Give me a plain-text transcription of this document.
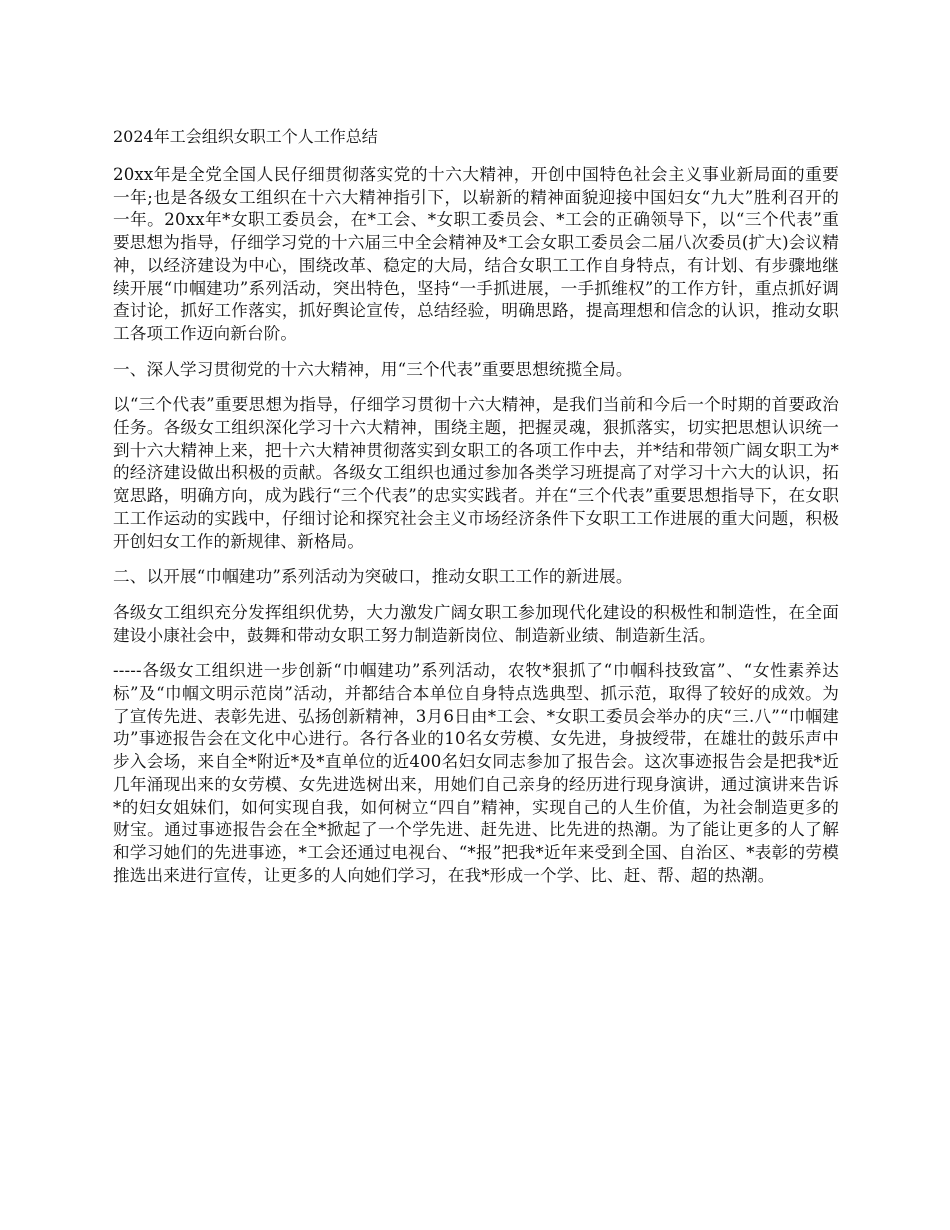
2024年工会组织女职工个人工作总结

20xx年是全党全国人民仔细贯彻落实党的十六大精神，开创中国特色社会主义事业新局面的重要一年;也是各级女工组织在十六大精神指引下，以崭新的精神面貌迎接中国妇女“九大”胜利召开的一年。20xx年*女职工委员会，在*工会、*女职工委员会、*工会的正确领导下，以“三个代表”重要思想为指导，仔细学习党的十六届三中全会精神及*工会女职工委员会二届八次委员(扩大)会议精神，以经济建设为中心，围绕改革、稳定的大局，结合女职工工作自身特点，有计划、有步骤地继续开展“巾帼建功”系列活动，突出特色，坚持“一手抓进展，一手抓维权”的工作方针，重点抓好调查讨论，抓好工作落实，抓好舆论宣传，总结经验，明确思路，提高理想和信念的认识，推动女职工各项工作迈向新台阶。

一、深人学习贯彻党的十六大精神，用“三个代表”重要思想统揽全局。

以“三个代表”重要思想为指导，仔细学习贯彻十六大精神，是我们当前和今后一个时期的首要政治任务。各级女工组织深化学习十六大精神，围绕主题，把握灵魂，狠抓落实，切实把思想认识统一到十六大精神上来，把十六大精神贯彻落实到女职工的各项工作中去，并*结和带领广阔女职工为*的经济建设做出积极的贡献。各级女工组织也通过参加各类学习班提高了对学习十六大的认识，拓宽思路，明确方向，成为践行“三个代表”的忠实实践者。并在“三个代表”重要思想指导下，在女职工工作运动的实践中，仔细讨论和探究社会主义市场经济条件下女职工工作进展的重大问题，积极开创妇女工作的新规律、新格局。

二、以开展“巾帼建功”系列活动为突破口，推动女职工工作的新进展。

各级女工组织充分发挥组织优势，大力激发广阔女职工参加现代化建设的积极性和制造性，在全面建设小康社会中，鼓舞和带动女职工努力制造新岗位、制造新业绩、制造新生活。

-----各级女工组织进一步创新“巾帼建功”系列活动，农牧*狠抓了“巾帼科技致富”、“女性素养达标”及“巾帼文明示范岗”活动，并都结合本单位自身特点选典型、抓示范，取得了较好的成效。为了宣传先进、表彰先进、弘扬创新精神，3月6日由*工会、*女职工委员会举办的庆“三.八”“巾帼建功”事迹报告会在文化中心进行。各行各业的10名女劳模、女先进，身披绶带，在雄壮的鼓乐声中步入会场，来自全*附近*及*直单位的近400名妇女同志参加了报告会。这次事迹报告会是把我*近几年涌现出来的女劳模、女先进选树出来，用她们自己亲身的经历进行现身演讲，通过演讲来告诉*的妇女姐妹们，如何实现自我，如何树立“四自”精神，实现自己的人生价值，为社会制造更多的财宝。通过事迹报告会在全*掀起了一个学先进、赶先进、比先进的热潮。为了能让更多的人了解和学习她们的先进事迹，*工会还通过电视台、“*报”把我*近年来受到全国、自治区、*表彰的劳模推选出来进行宣传，让更多的人向她们学习，在我*形成一个学、比、赶、帮、超的热潮。
